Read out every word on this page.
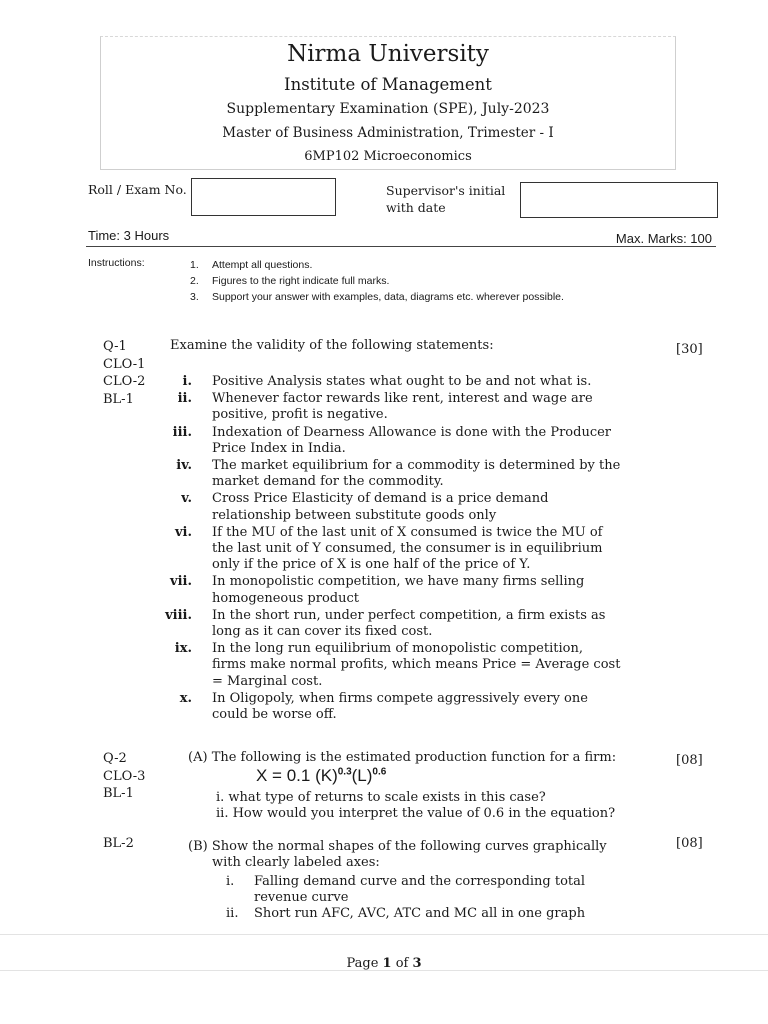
Nirma University
Institute of Management
Supplementary Examination (SPE), July-2023
Master of Business Administration, Trimester - I
6MP102 Microeconomics
Roll / Exam No.	Supervisor's initial
with date
Time: 3 Hours	Max. Marks: 100
Instructions:	1. Attempt all questions.
2. Figures to the right indicate full marks.
3. Support your answer with examples, data, diagrams etc. wherever possible.
Q-1
CLO-1
CLO-2
BL-1
Examine the validity of the following statements:	[30]
i. Positive Analysis states what ought to be and not what is.
ii. Whenever factor rewards like rent, interest and wage are
positive, profit is negative.
iii. Indexation of Dearness Allowance is done with the Producer
Price Index in India.
iv. The market equilibrium for a commodity is determined by the
market demand for the commodity.
v. Cross Price Elasticity of demand is a price demand
relationship between substitute goods only
vi. If the MU of the last unit of X consumed is twice the MU of
the last unit of Y consumed, the consumer is in equilibrium
only if the price of X is one half of the price of Y.
vii. In monopolistic competition, we have many firms selling
homogeneous product
viii. In the short run, under perfect competition, a firm exists as
long as it can cover its fixed cost.
ix. In the long run equilibrium of monopolistic competition,
firms make normal profits, which means Price = Average cost
= Marginal cost.
x. In Oligopoly, when firms compete aggressively every one
could be worse off.
Q-2
CLO-3
BL-1
(A) The following is the estimated production function for a firm:	[08]
X = 0.1 $(K)^{0.3}(L)^{0.6}$
i. what type of returns to scale exists in this case?
ii. How would you interpret the value of 0.6 in the equation?
BL-2	(B) Show the normal shapes of the following curves graphically
with clearly labeled axes:
[08]
i.	Falling demand curve and the corresponding total
revenue curve
ii.	Short run AFC, AVC, ATC and MC all in one graph
Page 1 of 3
